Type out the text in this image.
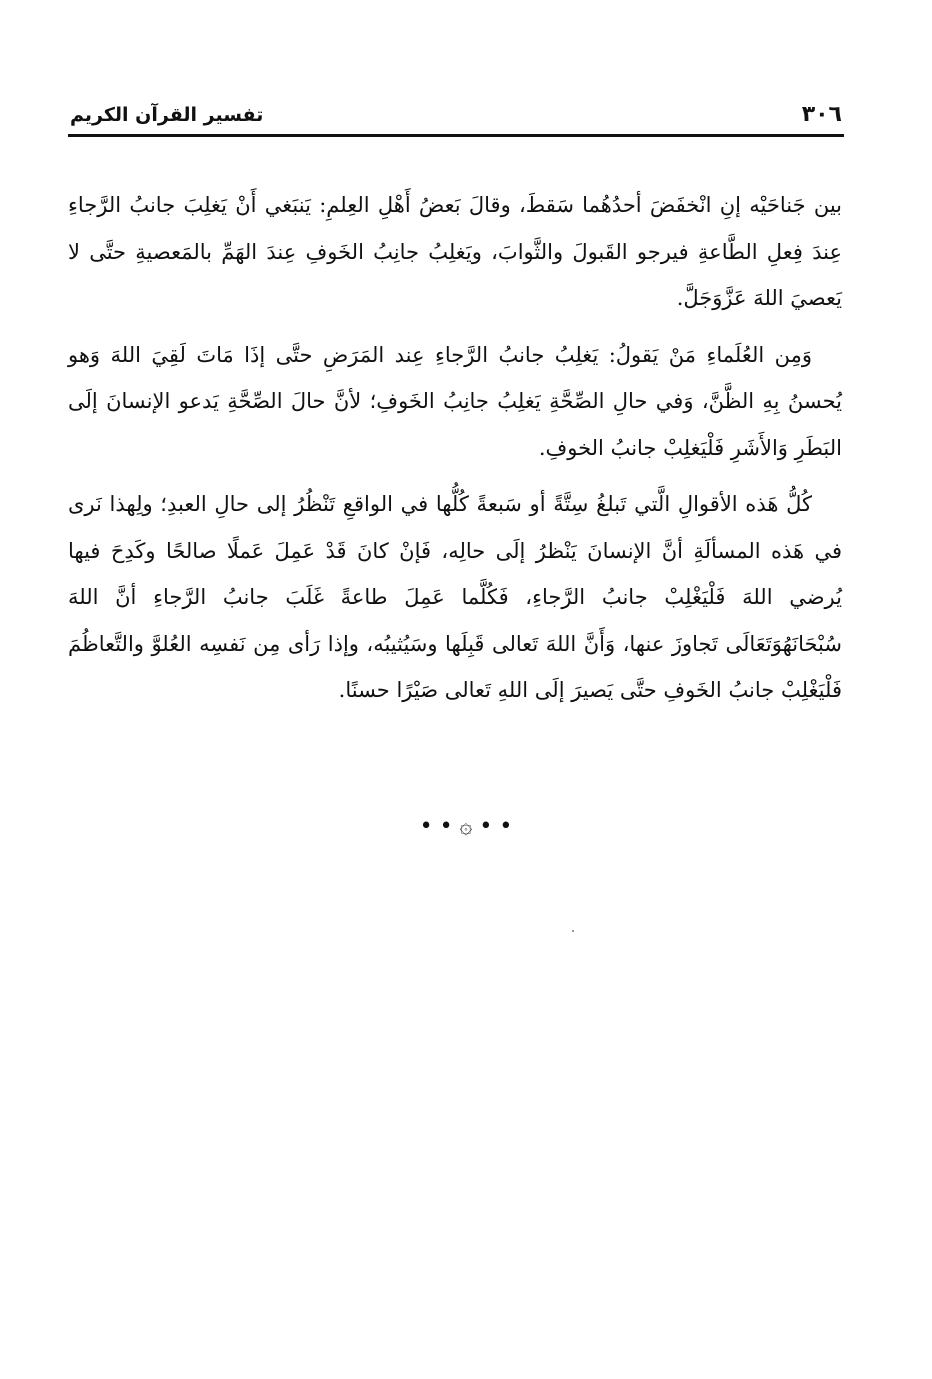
٣٠٦
تفسير القرآن الكريم

بين جَناحَيْه إنِ انْخفَضَ أحدُهُما سَقطَ، وقالَ بَعضُ أَهْلِ العِلمِ: يَنبَغي أَنْ يَغلِبَ جانبُ الرَّجاءِ عِندَ فِعلِ الطَّاعةِ فيرجو القَبولَ والثَّوابَ، ويَغلِبُ جانِبُ الخَوفِ عِندَ الهَمِّ بالمَعصيةِ حتَّى لا يَعصيَ اللهَ عَزَّوَجَلَّ.

وَمِن العُلَماءِ مَنْ يَقولُ: يَغلِبُ جانبُ الرَّجاءِ عِند المَرَضِ حتَّى إذَا مَاتَ لَقِيَ اللهَ وَهو يُحسنُ بِهِ الظَّنَّ، وَفي حالِ الصِّحَّةِ يَغلِبُ جانِبُ الخَوفِ؛ لأنَّ حالَ الصِّحَّةِ يَدعو الإنسانَ إلَى البَطَرِ وَالأَشَرِ فَلْيَغلِبْ جانبُ الخوفِ.

كُلُّ هَذه الأقوالِ الَّتي تَبلغُ سِتَّةً أو سَبعةً كُلُّها في الواقعِ تَنْظُرُ إلى حالِ العبدِ؛ ولِهذا نَرى في هَذه المسألَةِ أنَّ الإنسانَ يَنْظرُ إلَى حالِه، فَإنْ كانَ قَدْ عَمِلَ عَملًا صالحًا وكَدِحَ فيها يُرضي اللهَ فَلْيَغْلِبْ جانبُ الرَّجاءِ، فَكُلَّما عَمِلَ طاعةً غَلَبَ جانبُ الرَّجاءِ أنَّ اللهَ سُبْحَانَهُوَتَعَالَى تَجاوزَ عنها، وَأَنَّ اللهَ تَعالى قَبِلَها وسَيُثيبُه، وإذا رَأى مِن نَفسِه العُلوَّ والتَّعاظُمَ فَلْيَغْلِبْ جانبُ الخَوفِ حتَّى يَصيرَ إلَى اللهِ تَعالى صَيْرًا حسنًا.

• • ۞ • •
